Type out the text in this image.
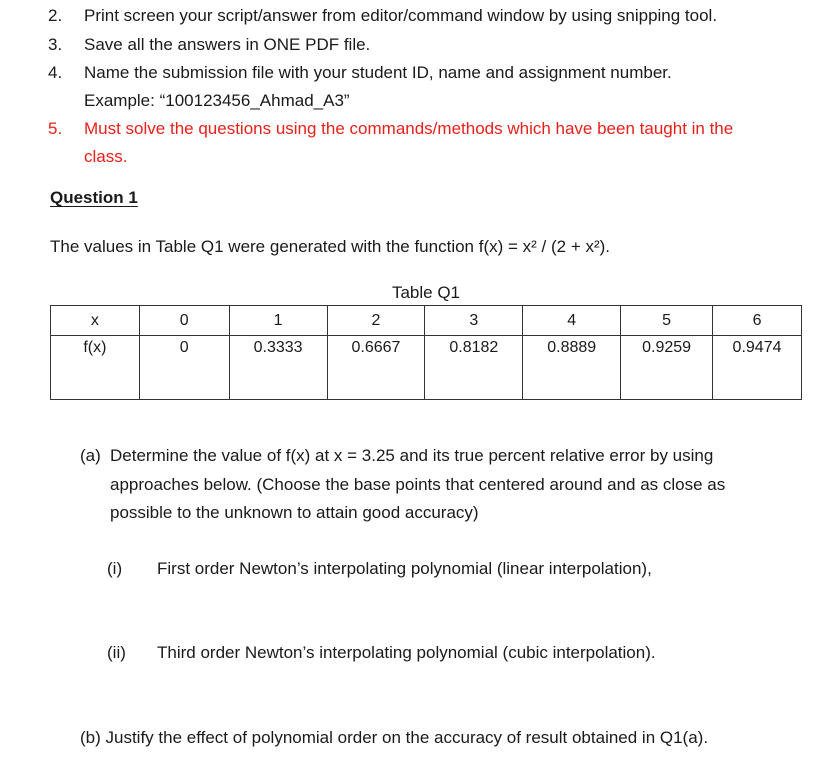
2. Print screen your script/answer from editor/command window by using snipping tool.
3. Save all the answers in ONE PDF file.
4. Name the submission file with your student ID, name and assignment number.
Example: “100123456_Ahmad_A3”
5. Must solve the questions using the commands/methods which have been taught in the
class.
Question 1
The values in Table Q1 were generated with the function f(x) = x² / (2 + x²).
Table Q1
x	0	1	2	3	4	5	6
f(x)	0	0.3333	0.6667	0.8182	0.8889	0.9259	0.9474
(a) Determine the value of f(x) at x = 3.25 and its true percent relative error by using
approaches below. (Choose the base points that centered around and as close as
possible to the unknown to attain good accuracy)
(i) First order Newton’s interpolating polynomial (linear interpolation),
(ii) Third order Newton’s interpolating polynomial (cubic interpolation).
(b) Justify the effect of polynomial order on the accuracy of result obtained in Q1(a).
